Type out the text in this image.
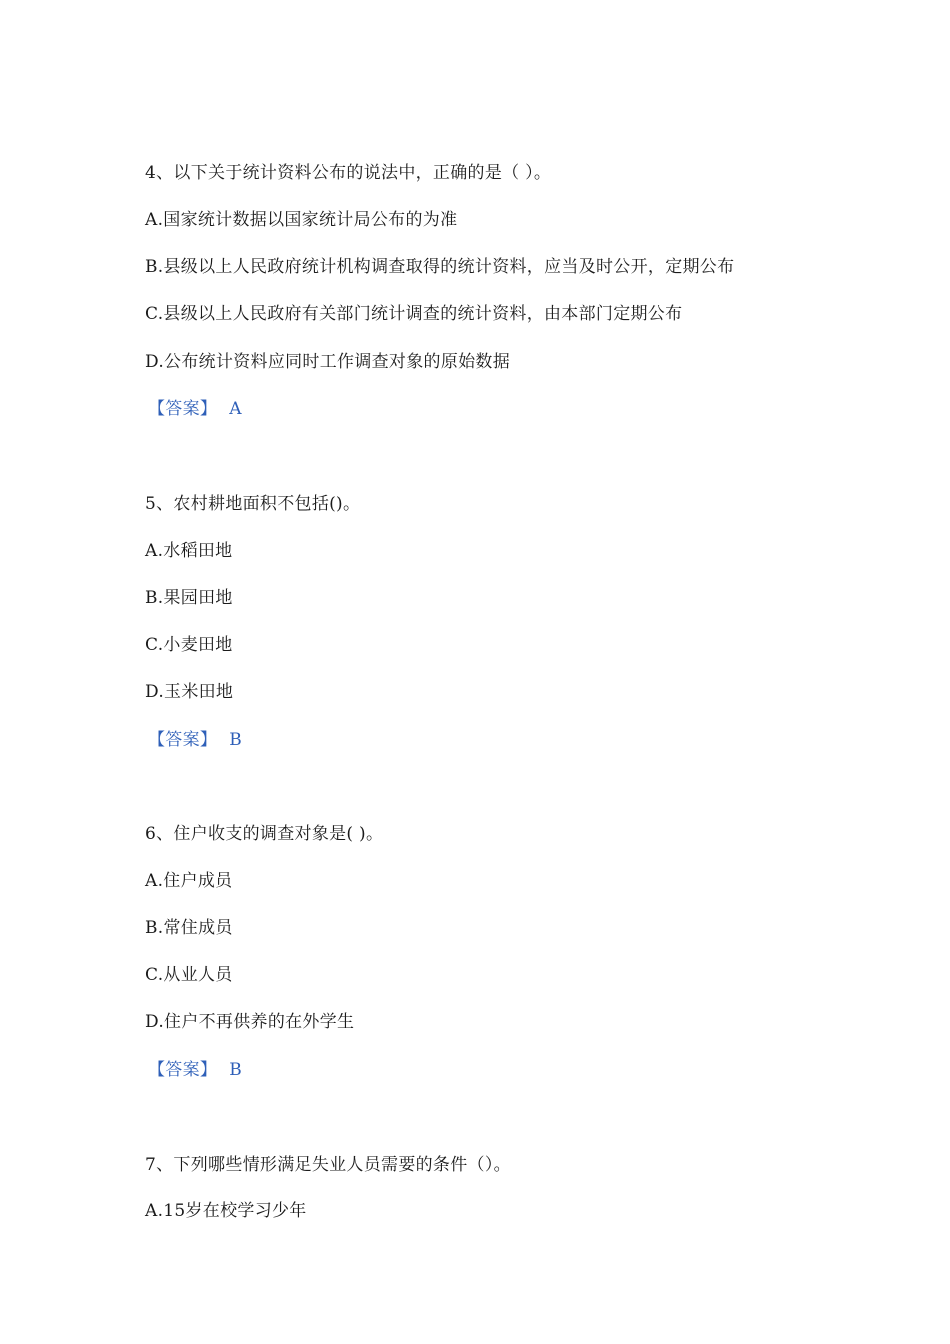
4、以下关于统计资料公布的说法中，正确的是（ ）。
A.国家统计数据以国家统计局公布的为准
B.县级以上人民政府统计机构调查取得的统计资料，应当及时公开，定期公布
C.县级以上人民政府有关部门统计调查的统计资料，由本部门定期公布
D.公布统计资料应同时工作调查对象的原始数据
【答案】 A
5、农村耕地面积不包括()。
A.水稻田地
B.果园田地
C.小麦田地
D.玉米田地
【答案】 B
6、住户收支的调查对象是( )。
A.住户成员
B.常住成员
C.从业人员
D.住户不再供养的在外学生
【答案】 B
7、下列哪些情形满足失业人员需要的条件（）。
A.15岁在校学习少年
